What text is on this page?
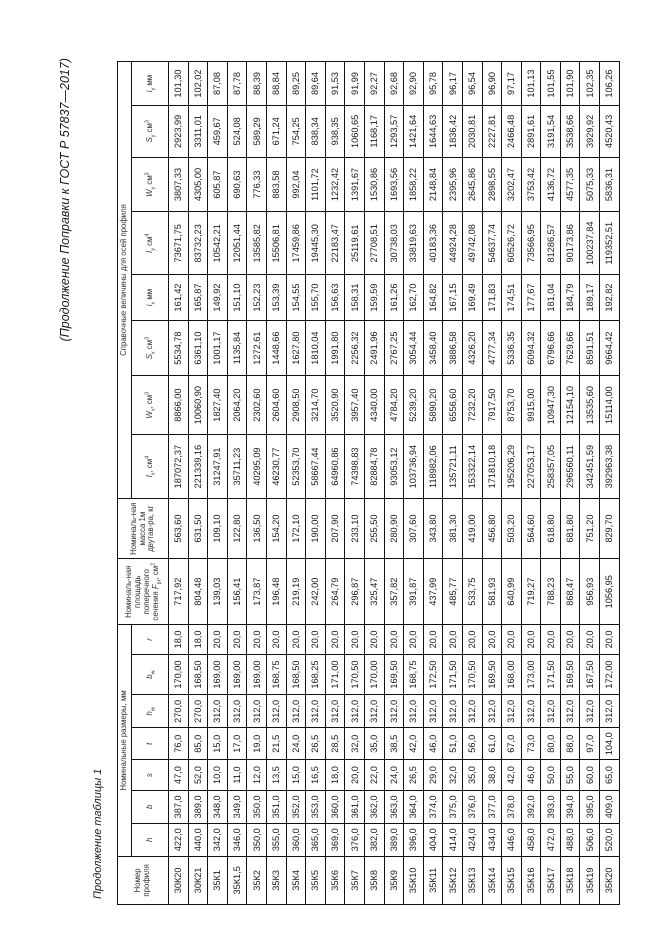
(Продолжение Поправки к ГОСТ Р 57837—2017)
Продолжение таблицы 1	Номер профиля	Номинальные размеры, мм							Номиналь-ная площадь поперечного сечения $F_{pr}$, $см^2$	Номиналь-ная масса 1м двутав-ра, кг	Справочные величины для осей профиля							
	h	b	s	t	$h_w$	$b_w$	r			$I_x$, $см^4$	$W_x$, $см^3$	$S_x$ $см^3$	$i_x$ мм	$I_y$ $см^4$	$W_y$ $см^3$	$S_y$ $см^3$	$i_y$ мм
30К20	422,0	387,0	47,0	76,0	270,0	170,00	18,0	717,92	563,60	187072,37	8866,00	5534,78	161,42	73671,75	3807,33	2923,99	101,30
30К21	440,0	389,0	52,0	85,0	270,0	168,50	18,0	804,48	631,50	221339,16	10060,90	6361,10	165,87	83732,23	4305,00	3311,01	102,02
35К1	342,0	348,0	10,0	15,0	312,0	169,00	20,0	139,03	109,10	31247,91	1827,40	1001,17	149,92	10542,21	605,87	459,67	87,08
35К1,5	346,0	349,0	11,0	17,0	312,0	169,00	20,0	156,41	122,80	35711,23	2064,20	1135,84	151,10	12051,44	690,63	524,08	87,78
35К2	350,0	350,0	12,0	19,0	312,0	169,00	20,0	173,87	136,50	40295,09	2302,60	1272,61	152,23	13585,82	776,33	589,29	88,39
35К3	355,0	351,0	13,5	21,5	312,0	168,75	20,0	196,48	154,20	46230,77	2604,60	1448,66	153,39	15506,81	883,58	671,24	88,84
35К4	360,0	352,0	15,0	24,0	312,0	168,50	20,0	219,19	172,10	52353,70	2908,50	1627,80	154,55	17459,86	992,04	754,25	89,25
35К5	365,0	353,0	16,5	26,5	312,0	168,25	20,0	242,00	190,00	58667,44	3214,70	1810,04	155,70	19445,30	1101,72	838,34	89,64
35К6	369,0	360,0	18,0	28,5	312,0	171,00	20,0	264,79	207,90	64960,86	3520,90	1991,80	156,63	22183,47	1232,42	938,35	91,53
35К7	376,0	361,0	20,0	32,0	312,0	170,50	20,0	296,87	233,10	74398,83	3957,40	2256,32	158,31	25119,61	1391,67	1060,65	91,99
35К8	382,0	362,0	22,0	35,0	312,0	170,00	20,0	325,47	255,50	82884,78	4340,00	2491,96	159,59	27708,51	1530,86	1168,17	92,27
35К9	389,0	363,0	24,0	38,5	312,0	169,50	20,0	357,82	280,90	93053,12	4784,20	2767,25	161,26	30738,03	1693,56	1293,57	92,68
35К10	396,0	364,0	26,5	42,0	312,0	168,75	20,0	391,87	307,60	103736,94	5239,20	3054,44	162,70	33819,63	1858,22	1421,64	92,90
35К11	404,0	374,0	29,0	46,0	312,0	172,50	20,0	437,99	343,80	118982,06	5890,20	3458,40	164,82	40183,36	2148,84	1644,63	95,78
35К12	414,0	375,0	32,0	51,0	312,0	171,50	20,0	485,77	381,30	135721,11	6556,60	3886,58	167,15	44924,28	2395,96	1836,42	96,17
35К13	424,0	376,0	35,0	56,0	312,0	170,50	20,0	533,75	419,00	153322,14	7232,20	4326,20	169,49	49742,08	2645,86	2030,81	96,54
35К14	434,0	377,0	38,0	61,0	312,0	169,50	20,0	581,93	456,80	171810,18	7917,50	4777,34	171,83	54637,74	2898,55	2227,81	96,90
35К15	446,0	378,0	42,0	67,0	312,0	168,00	20,0	640,99	503,20	195206,29	8753,70	5336,35	174,51	60526,72	3202,47	2466,48	97,17
35К16	458,0	392,0	46,0	73,0	312,0	173,00	20,0	719,27	564,60	227053,17	9915,00	6094,32	177,67	73566,95	3753,42	2891,61	101,13
35К17	472,0	393,0	50,0	80,0	312,0	171,50	20,0	788,23	618,80	258357,05	10947,30	6796,66	181,04	81286,57	4136,72	3191,54	101,55
35К18	488,0	394,0	55,0	88,0	312,0	169,50	20,0	868,47	681,80	296560,11	12154,10	7629,66	184,79	90173,86	4577,35	3538,66	101,90
35К19	506,0	395,0	60,0	97,0	312,0	167,50	20,0	956,93	751,20	342451,59	13535,60	8591,51	189,17	100237,84	5075,33	3929,92	102,35
35К20	520,0	409,0	65,0	104,0	312,0	172,00	20,0	1056,95	829,70	392963,38	15114,00	9664,42	192,82	119352,51	5836,31	4520,43	106,26
